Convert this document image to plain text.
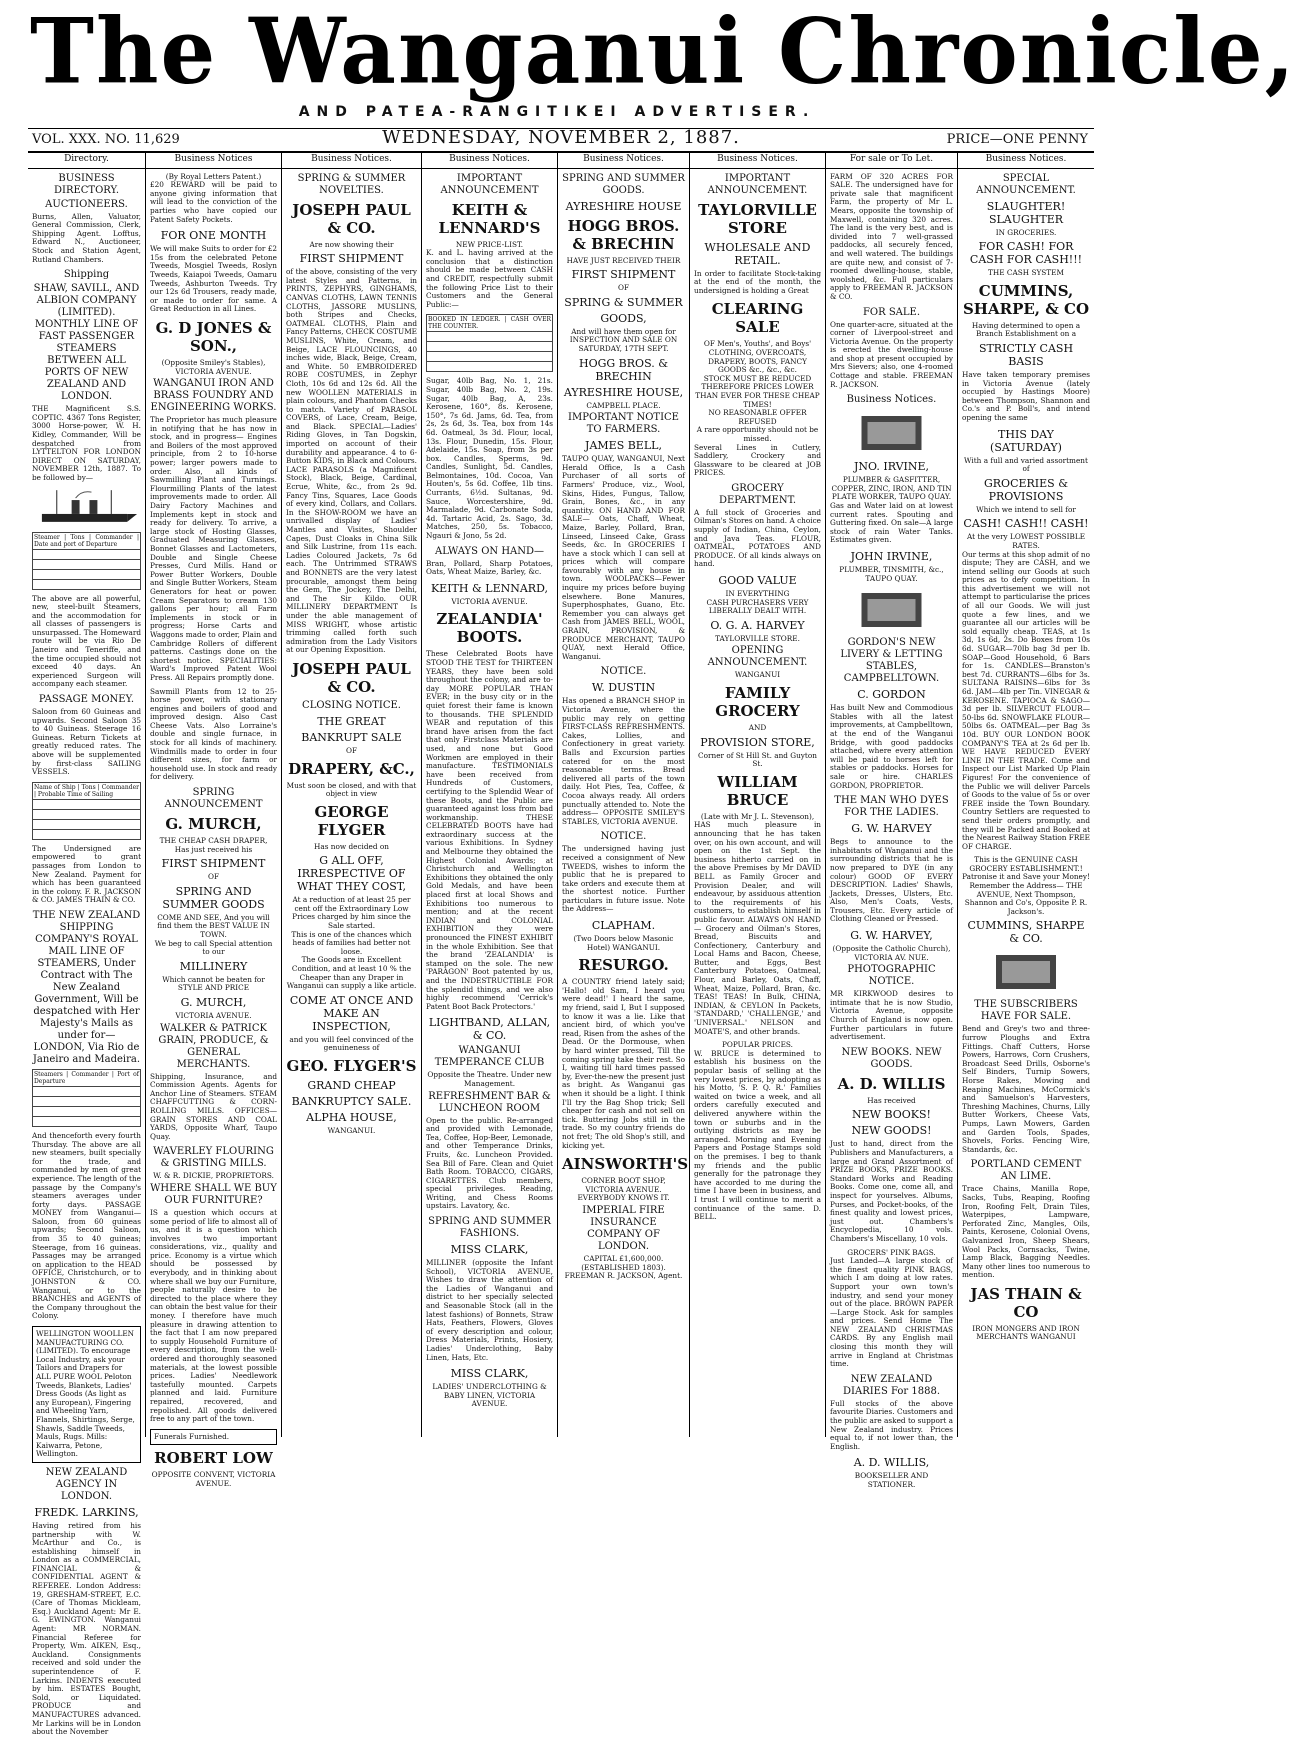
The Wanganui Chronicle,
AND PATEA-RANGITIKEI ADVERTISER.
VOL. XXX. NO. 11,629	WEDNESDAY, NOVEMBER 2, 1887.	PRICE—ONE PENNY
Directory.
BUSINESS DIRECTORY.
AUCTIONEERS.
Burns, Allen, Valuator, General Commission, Clerk, Shipping Agent. Lofftus, Edward N., Auctioneer, Stock and Station Agent, Rutland Chambers.
Shipping
SHAW, SAVILL, AND ALBION COMPANY (LIMITED). MONTHLY LINE OF FAST PASSENGER STEAMERS BETWEEN ALL PORTS OF NEW ZEALAND AND LONDON.
THE Magnificent S.S. COPTIC. 4367 Tons Register, 3000 Horse-power, W. H. Kidley, Commander, Will be despatched from LYTTELTON FOR LONDON DIRECT ON SATURDAY, NOVEMBER 12th, 1887. To be followed by—
Steamer | Tons | Commander | Date and port of Departure

The above are all powerful, new, steel-built Steamers, and the accommodation for all classes of passengers is unsurpassed. The Homeward route will be via Rio De Janeiro and Teneriffe, and the time occupied should not exceed 40 days. An experienced Surgeon will accompany each steamer.
PASSAGE MONEY.
Saloon from 60 Guineas and upwards. Second Saloon 35 to 40 Guineas. Steerage 16 Guineas. Return Tickets at greatly reduced rates. The above will be supplemented by first-class SAILING VESSELS.
Name of Ship | Tons | Commander | Probable Time of Sailing

The Undersigned are empowered to grant passages from London to New Zealand. Payment for which has been guaranteed in the colony. F. R. JACKSON & CO. JAMES THAIN & CO.
THE NEW ZEALAND SHIPPING COMPANY'S ROYAL MAIL LINE OF STEAMERS, Under Contract with The New Zealand Government, Will be despatched with Her Majesty's Mails as under for— LONDON, Via Rio de Janeiro and Madeira.
Steamers | Commander | Port of Departure

And thenceforth every fourth Thursday. The above are all new steamers, built specially for the trade, and commanded by men of great experience. The length of the passage by the Company's steamers averages under forty days. PASSAGE MONEY from Wanganui— Saloon, from 60 guineas upwards; Second Saloon, from 35 to 40 guineas; Steerage, from 16 guineas. Passages may be arranged on application to the HEAD OFFICE, Christchurch, or to JOHNSTON & CO. Wanganui, or to the BRANCHES and AGENTS of the Company throughout the Colony.
WELLINGTON WOOLLEN MANUFACTURING CO. (LIMITED). To encourage Local Industry, ask your Tailors and Drapers for ALL PURE WOOL Peloton Tweeds, Blankets, Ladies' Dress Goods (As light as any European), Fingering and Wheeling Yarn, Flannels, Shirtings, Serge, Shawls, Saddle Tweeds, Mauls, Rugs. Mills: Kaiwarra, Petone, Wellington.
NEW ZEALAND AGENCY IN LONDON.
FREDK. LARKINS,
Having retired from his partnership with W. McArthur and Co., is establishing himself in London as a COMMERCIAL, FINANCIAL & CONFIDENTIAL AGENT & REFEREE. London Address: 19, GRESHAM-STREET, E.C. (Care of Thomas Mickleam, Esq.) Auckland Agent: Mr E. G. EWINGTON. Wanganui Agent: MR NORMAN. Financial Referee for Property, Wm. AIKEN, Esq., Auckland. Consignments received and sold under the superintendence of F. Larkins. INDENTS executed by him. ESTATES Bought, Sold, or Liquidated. PRODUCE and MANUFACTURES advanced. Mr Larkins will be in London about the November
Business Notices
(By Royal Letters Patent.)
£20 REWARD will be paid to anyone giving information that will lead to the conviction of the parties who have copied our Patent Safety Pockets.
FOR ONE MONTH
We will make Suits to order for £2 15s from the celebrated Petone Tweeds, Mosgiel Tweeds, Roslyn Tweeds, Kaiapoi Tweeds, Oamaru Tweeds, Ashburton Tweeds. Try our 12s 6d Trousers, ready made, or made to order for same. A Great Reduction in all Lines.
G. D JONES & SON.,
(Opposite Smiley's Stables), VICTORIA AVENUE.
WANGANUI IRON AND BRASS FOUNDRY AND ENGINEERING WORKS.
The Proprietor has much pleasure in notifying that he has now in stock, and in progress— Engines and Boilers of the most approved principle, from 2 to 10-horse power; larger powers made to order. Also, all kinds of Sawmilling Plant and Turnings. Flourmilling Plants of the latest improvements made to order. All Dairy Factory Machines and Implements kept in stock and ready for delivery. To arrive, a large stock of Hosting Glasses, Graduated Measuring Glasses, Bonnet Glasses and Lactometers, Double and Single Cheese Presses, Curd Mills. Hand or Power Butter Workers, Double and Single Butter Workers, Steam Generators for heat or power. Cream Separators to cream 130 gallons per hour; all Farm Implements in stock or in progress; Horse Carts and Waggons made to order, Plain and Cambridge Rollers of different patterns. Castings done on the shortest notice. SPECIALITIES: Ward's Improved Patent Wool Press. All Repairs promptly done.
Sawmill Plants from 12 to 25-horse power, with stationary engines and boilers of good and improved design. Also Cast Cheese Vats. Also Lorraine's double and single furnace, in stock for all kinds of machinery. Windmills made to order in four different sizes, for farm or household use. In stock and ready for delivery.
SPRING ANNOUNCEMENT
G. MURCH,
THE CHEAP CASH DRAPER,
Has just received his
FIRST SHIPMENT
OF
SPRING AND SUMMER GOODS
COME AND SEE, And you will find them the BEST VALUE IN TOWN.
We beg to call Special attention to our
MILLINERY
Which cannot be beaten for STYLE AND PRICE
G. MURCH,
VICTORIA AVENUE.
WALKER & PATRICK GRAIN, PRODUCE, & GENERAL MERCHANTS.
Shipping, Insurance, and Commission Agents. Agents for Anchor Line of Steamers. STEAM CHAFFCUTTING & CORN-ROLLING MILLS. OFFICES—GRAIN STORES AND COAL YARDS, Opposite Wharf, Taupo Quay.
WAVERLEY FLOURING & GRISTING MILLS.
W. & R. DICKIE, PROPRIETORS.
WHERE SHALL WE BUY OUR FURNITURE?
IS a question which occurs at some period of life to almost all of us, and it is a question which involves two important considerations, viz., quality and price. Economy is a virtue which should be possessed by everybody, and in thinking about where shall we buy our Furniture, people naturally desire to be directed to the place where they can obtain the best value for their money. I therefore have much pleasure in drawing attention to the fact that I am now prepared to supply Household Furniture of every description, from the well-ordered and thoroughly seasoned materials, at the lowest possible prices. Ladies' Needlework tastefully mounted. Carpets planned and laid. Furniture repaired, recovered, and repolished. All goods delivered free to any part of the town.
Funerals Furnished.
ROBERT LOW
OPPOSITE CONVENT, VICTORIA AVENUE.
Business Notices.
SPRING & SUMMER NOVELTIES.
JOSEPH PAUL & CO.
Are now showing their
FIRST SHIPMENT
of the above, consisting of the very latest Styles and Patterns, in PRINTS, ZEPHYRS, GINGHAMS, CANVAS CLOTHS, LAWN TENNIS CLOTHS, JASSORE MUSLINS, both Stripes and Checks, OATMEAL CLOTHS, Plain and Fancy Patterns, CHECK COSTUME MUSLINS, White, Cream, and Beige, LACE FLOUNCINGS, 40 inches wide, Black, Beige, Cream, and White. 50 EMBROIDERED ROBE COSTUMES, in Zephyr Cloth, 10s 6d and 12s 6d. All the new WOOLLEN MATERIALS in plain colours, and Phantom Checks to match. Variety of PARASOL COVERS, of Lace, Cream, Beige, and Black. SPECIAL—Ladies' Riding Gloves, in Tan Dogskin, imported on account of their durability and appearance. 4 to 6-Button KIDS, in Black and Colours. LACE PARASOLS (a Magnificent Stock), Black, Beige, Cardinal, Ecrue, White, &c., from 2s 9d. Fancy Tins, Squares, Lace Goods of every kind, Collars, and Collars. In the SHOW-ROOM we have an unrivalled display of Ladies' Mantles and Visites, Shoulder Capes, Dust Cloaks in China Silk and Silk Lustrine, from 11s each. Ladies Coloured Jackets, 7s 6d each. The Untrimmed STRAWS and BONNETS are the very latest procurable, amongst them being the Gem, The Jockey, The Delhi, and The Sir Kildo. OUR MILLINERY DEPARTMENT Is under the able management of MISS WRIGHT, whose artistic trimming called forth such admiration from the Lady Visitors at our Opening Exposition.
JOSEPH PAUL & CO.
CLOSING NOTICE.
THE GREAT
BANKRUPT SALE
OF
DRAPERY, &C.,
Must soon be closed, and with that object in view
GEORGE FLYGER
Has now decided on
G ALL OFF, IRRESPECTIVE OF WHAT THEY COST,
At a reduction of at least 25 per cent off the Extraordinary Low Prices charged by him since the Sale started.
This is one of the chances which heads of families had better not loose.
The Goods are in Excellent Condition, and at least 10 % the Cheaper than any Draper in Wanganui can supply a like article.
COME AT ONCE AND MAKE AN INSPECTION,
and you will feel convinced of the genuineness of
GEO. FLYGER'S
GRAND CHEAP
BANKRUPTCY SALE.
ALPHA HOUSE,
WANGANUI.
Business Notices.
IMPORTANT ANNOUNCEMENT
KEITH & LENNARD'S
NEW PRICE-LIST.
K. and L. having arrived at the conclusion that a distinction should be made between CASH and CREDIT, respectfully submit the following Price List to their Customers and the General Public:—
BOOKED IN LEDGER. | CASH OVER THE COUNTER.

Sugar, 40lb Bag, No. 1, 21s. Sugar, 40lb Bag, No. 2, 19s. Sugar, 40lb Bag, A, 23s. Kerosene, 160°, 8s. Kerosene, 150°, 7s 6d. Jams, 6d. Tea, from 2s, 2s 6d, 3s. Tea, box from 14s 6d. Oatmeal, 3s 3d. Flour, local, 13s. Flour, Dunedin, 15s. Flour, Adelaide, 15s. Soap, from 3s per box. Candles, Sperms, 9d. Candles, Sunlight, 5d. Candles, Belmontaines, 10d. Cocoa, Van Houten's, 5s 6d. Coffee, 1lb tins. Currants, 6½d. Sultanas, 9d. Sauce, Worcestershire, 9d. Marmalade, 9d. Carbonate Soda, 4d. Tartaric Acid, 2s. Sago, 3d. Matches, 250, 5s. Tobacco, Ngauri & Jono, 5s 2d.
ALWAYS ON HAND—
Bran, Pollard, Sharp Potatoes, Oats, Wheat Maize, Barley, &c.
KEITH & LENNARD,
VICTORIA AVENUE.
ZEALANDIA' BOOTS.
These Celebrated Boots have STOOD THE TEST for THIRTEEN YEARS, they have been sold throughout the colony, and are to-day MORE POPULAR THAN EVER; in the busy city or in the quiet forest their fame is known to thousands. THE SPLENDID WEAR and reputation of this brand have arisen from the fact that only Firstclass Materials are used, and none but Good Workmen are employed in their manufacture. TESTIMONIALS have been received from Hundreds of Customers, certifying to the Splendid Wear of these Boots, and the Public are guaranteed against loss from bad workmanship. THESE CELEBRATED BOOTS have had extraordinary success at the various Exhibitions. In Sydney and Melbourne they obtained the Highest Colonial Awards; at Christchurch and Wellington Exhibitions they obtained the only Gold Medals, and have been placed first at local Shows and Exhibitions too numerous to mention; and at the recent INDIAN and COLONIAL EXHIBITION they were pronounced the FINEST EXHIBIT in the whole Exhibition. See that the brand 'ZEALANDIA' is stamped on the sole. The new 'PARAGON' Boot patented by us, and the INDESTRUCTIBLE FOR the splendid things, and we also highly recommend 'Cerrick's Patent Boot Back Protectors.'
LIGHTBAND, ALLAN, & CO.
WANGANUI TEMPERANCE CLUB
Opposite the Theatre. Under new Management.
REFRESHMENT BAR & LUNCHEON ROOM
Open to the public. Re-arranged and provided with Lemonade, Tea, Coffee, Hop-Beer, Lemonade, and other Temperance Drinks, Fruits, &c. Luncheon Provided. Sea Bill of Fare. Clean and Quiet Bath Room. TOBACCO, CIGARS, CIGARETTES. Club members, special privileges. Reading, Writing, and Chess Rooms upstairs. Lavatory, &c.
SPRING AND SUMMER FASHIONS.
MISS CLARK,
MILLINER (opposite the Infant School), VICTORIA AVENUE, Wishes to draw the attention of the Ladies of Wanganui and district to her specially selected and Seasonable Stock (all in the latest fashions) of Bonnets, Straw Hats, Feathers, Flowers, Gloves of every description and colour, Dress Materials, Prints, Hosiery, Ladies' Underclothing, Baby Linen, Hats, Etc.
MISS CLARK,
LADIES' UNDERCLOTHING & BABY LINEN, VICTORIA AVENUE.
Business Notices.
SPRING AND SUMMER GOODS.
AYRESHIRE HOUSE
HOGG BROS. & BRECHIN
HAVE JUST RECEIVED THEIR
FIRST SHIPMENT
OF
SPRING & SUMMER
GOODS,
And will have them open for INSPECTION AND SALE ON SATURDAY, 17TH SEPT.
HOGG BROS. & BRECHIN
AYRESHIRE HOUSE,
CAMPBELL PLACE.
IMPORTANT NOTICE TO FARMERS.
JAMES BELL,
TAUPO QUAY, WANGANUI, Next Herald Office, Is a Cash Purchaser of all sorts of Farmers' Produce, viz., Wool, Skins, Hides, Fungus, Tallow, Grain, Bones, &c., in any quantity. ON HAND AND FOR SALE— Oats, Chaff, Wheat, Maize, Barley, Pollard, Bran, Linseed, Linseed Cake, Grass Seeds, &c. In GROCERIES I have a stock which I can sell at prices which will compare favourably with any house in town. WOOLPACKS—Fewer inquire my prices before buying elsewhere. Bone Manures, Superphosphates, Guano, Etc. Remember you can always get Cash from JAMES BELL, WOOL, GRAIN, PROVISION, & PRODUCE MERCHANT, TAUPO QUAY, next Herald Office, Wanganui.
NOTICE.
W. DUSTIN
Has opened a BRANCH SHOP in Victoria Avenue, where the public may rely on getting FIRST-CLASS REFRESHMENTS. Cakes, Lollies, and Confectionery in great variety. Balls and Excursion parties catered for on the most reasonable terms. Bread delivered all parts of the town daily. Hot Pies, Tea, Coffee, & Cocoa always ready. All orders punctually attended to. Note the address— OPPOSITE SMILEY'S STABLES, VICTORIA AVENUE.
NOTICE.
The undersigned having just received a consignment of New TWEEDS, wishes to inform the public that he is prepared to take orders and execute them at the shortest notice. Further particulars in future issue. Note the Address—
CLAPHAM.
(Two Doors below Masonic Hotel) WANGANUI.
RESURGO.
A COUNTRY friend lately said; 'Hallo! old Sam, I heard you were dead!' I heard the same, my friend, said I, But I supposed to know it was a lie. Like that ancient bird, of which you've read, Risen from the ashes of the Dead. Or the Dormouse, when by hard winter pressed, Till the coming spring take their rest. So I, waiting till hard times passed by, Ever-the-new the present just as bright. As Wanganui gas when it should be a light. I think I'll try the Bag Shop trick; Sell cheaper for cash and not sell on tick. Buttering Jobs still in the trade. So my country friends do not fret; The old Shop's still, and kicking yet.
AINSWORTH'S
CORNER BOOT SHOP, VICTORIA AVENUE.
EVERYBODY KNOWS IT.
IMPERIAL FIRE INSURANCE COMPANY OF LONDON.
CAPITAL £1,600,000. (ESTABLISHED 1803).
FREEMAN R. JACKSON, Agent.
Business Notices.
IMPORTANT ANNOUNCEMENT.
TAYLORVILLE STORE
WHOLESALE AND RETAIL.
In order to facilitate Stock-taking at the end of the month, the undersigned is holding a Great
CLEARING SALE
OF Men's, Youths', and Boys' CLOTHING, OVERCOATS, DRAPERY, BOOTS, FANCY GOODS &c., &c., &c.
STOCK MUST BE REDUCED THEREFORE PRICES LOWER THAN EVER FOR THESE CHEAP TIMES!
NO REASONABLE OFFER REFUSED
A rare opportunity should not be missed.
Several Lines in Cutlery, Saddlery, Crockery and Glassware to be cleared at JOB PRICES.
GROCERY DEPARTMENT.
A full stock of Groceries and Oilman's Stores on hand. A choice supply of Indian, China, Ceylon, and Java Teas. FLOUR, OATMEAL, POTATOES AND PRODUCE. Of all kinds always on hand.
GOOD VALUE
IN EVERYTHING
CASH PURCHASERS VERY LIBERALLY DEALT WITH.
O. G. A. HARVEY
TAYLORVILLE STORE.
OPENING ANNOUNCEMENT.
WANGANUI
FAMILY GROCERY
AND
PROVISION STORE,
Corner of St Hill St. and Guyton St.
WILLIAM BRUCE
(Late with Mr J. L. Stevenson),
HAS much pleasure in announcing that he has taken over, on his own account, and will open on the 1st Sept. the business hitherto carried on in the above Premises by Mr DAVID BELL as Family Grocer and Provision Dealer, and will endeavour, by assiduous attention to the requirements of his customers, to establish himself in public favour. ALWAYS ON HAND— Grocery and Oilman's Stores, Bread, Biscuits and Confectionery, Canterbury and Local Hams and Bacon, Cheese, Butter, and Eggs, Best Canterbury Potatoes, Oatmeal, Flour, and Barley, Oats, Chaff, Wheat, Maize, Pollard, Bran, &c. TEAS! TEAS! In Bulk, CHINA, INDIAN, & CEYLON In Packets, 'STANDARD,' 'CHALLENGE,' and 'UNIVERSAL.' NELSON and MOATE'S, and other brands.
POPULAR PRICES.
W. BRUCE is determined to establish his business on the popular basis of selling at the very lowest prices, by adopting as his Motto, 'S. P. Q. R.' Families waited on twice a week, and all orders carefully executed and delivered anywhere within the town or suburbs and in the outlying districts as may be arranged. Morning and Evening Papers and Postage Stamps sold on the premises. I beg to thank my friends and the public generally for the patronage they have accorded to me during the time I have been in business, and I trust I will continue to merit a continuance of the same. D. BELL.
For sale or To Let.
FARM OF 320 ACRES FOR SALE. The undersigned have for private sale that magnificent Farm, the property of Mr L. Mears, opposite the township of Maxwell, containing 320 acres. The land is the very best, and is divided into 7 well-grassed paddocks, all securely fenced, and well watered. The buildings are quite new, and consist of 7-roomed dwelling-house, stable, woolshed, &c. Full particulars apply to FREEMAN R. JACKSON & CO.
FOR SALE.
One quarter-acre, situated at the corner of Liverpool-street and Victoria Avenue. On the property is erected the dwelling-house and shop at present occupied by Mrs Sievers; also, one 4-roomed Cottage and stable. FREEMAN R. JACKSON.
Business Notices.
JNO. IRVINE,
PLUMBER & GASFITTER, COPPER, ZINC, IRON, AND TIN PLATE WORKER, TAUPO QUAY.
Gas and Water laid on at lowest current rates. Spouting and Guttering fixed. On sale—A large stock of rain Water Tanks. Estimates given.
JOHN IRVINE,
PLUMBER, TINSMITH, &c., TAUPO QUAY.
GORDON'S NEW LIVERY & LETTING STABLES, CAMPBELLTOWN.
C. GORDON
Has built New and Commodious Stables with all the latest improvements, at Campbelltown, at the end of the Wanganui Bridge, with good paddocks attached, where every attention will be paid to horses left for stables or paddocks. Horses for sale or hire. CHARLES GORDON, PROPRIETOR.
THE MAN WHO DYES FOR THE LADIES.
G. W. HARVEY
Begs to announce to the inhabitants of Wanganui and the surrounding districts that he is now prepared to DYE (in any colour) GOOD OF EVERY DESCRIPTION. Ladies' Shawls, Jackets, Dresses, Ulsters, Etc. Also, Men's Coats, Vests, Trousers, Etc. Every article of Clothing Cleaned or Pressed.
G. W. HARVEY,
(Opposite the Catholic Church), VICTORIA AV. NUE.
PHOTOGRAPHIC NOTICE.
MR KIRKWOOD desires to intimate that he is now Studio, Victoria Avenue, opposite Church of England is now open. Further particulars in future advertisement.
NEW BOOKS. NEW GOODS.
A. D. WILLIS
Has received
NEW BOOKS!
NEW GOODS!
Just to hand, direct from the Publishers and Manufacturers, a large and Grand Assortment of PRIZE BOOKS, PRIZE BOOKS. Standard Works and Reading Books. Come one, come all, and inspect for yourselves. Albums, Purses, and Pocket-books, of the finest quality and lowest prices, just out. Chambers's Encyclopedia, 10 vols. Chambers's Miscellany, 10 vols.
GROCERS' PINK BAGS.
Just Landed—A large stock of the finest quality PINK BAGS, which I am doing at low rates. Support your own town's industry, and send your money out of the place. BROWN PAPER—Large Stock. Ask for samples and prices. Send Home The NEW ZEALAND CHRISTMAS CARDS. By any English mail closing this month they will arrive in England at Christmas time.
NEW ZEALAND DIARIES For 1888.
Full stocks of the above favourite Diaries. Customers and the public are asked to support a New Zealand industry. Prices equal to, if not lower than, the English.
A. D. WILLIS,
BOOKSELLER AND STATIONER.
Business Notices.
SPECIAL ANNOUNCEMENT.
SLAUGHTER! SLAUGHTER
IN GROCERIES.
FOR CASH! FOR CASH FOR CASH!!!
THE CASH SYSTEM
CUMMINS, SHARPE, & CO
Having determined to open a Branch Establishment on a
STRICTLY CASH BASIS
Have taken temporary premises in Victoria Avenue (lately occupied by Hastings Moore) between Thompson, Shannon and Co.'s and P. Boll's, and intend opening the same
THIS DAY (SATURDAY)
With a full and varied assortment of
GROCERIES & PROVISIONS
Which we intend to sell for
CASH! CASH!! CASH!
At the very LOWEST POSSIBLE RATES.
Our terms at this shop admit of no dispute; They are CASH, and we intend selling our Goods at such prices as to defy competition. In this advertisement we will not attempt to particularise the prices of all our Goods. We will just quote a few lines, and we guarantee all our articles will be sold equally cheap. TEAS, at 1s 3d, 1s 6d, 2s. Do Boxes from 10s 6d. SUGAR—70lb bag 3d per lb. SOAP—Good Household, 6 Bars for 1s. CANDLES—Branston's best 7d. CURRANTS—6lbs for 3s. SULTANA RAISINS—6lbs for 3s 6d. JAM—4lb per Tin. VINEGAR & KEROSENE. TAPIOCA & SAGO—3d per lb. SILVERCUT FLOUR—50-lbs 6d. SNOWFLAKE FLOUR—50lbs 6s. OATMEAL—per Bag 3s 10d. BUY OUR LONDON BOOK COMPANY'S TEA at 2s 6d per lb. WE HAVE REDUCED EVERY LINE IN THE TRADE. Come and Inspect our List Marked Up Plain Figures! For the convenience of the Public we will deliver Parcels of Goods to the value of 5s or over FREE inside the Town Boundary. Country Settlers are requested to send their orders promptly, and they will be Packed and Booked at the Nearest Railway Station FREE OF CHARGE.
This is the GENUINE CASH GROCERY ESTABLISHMENT.!
Patronise it and Save your Money!
Remember the Address— THE AVENUE, Next Thompson, Shannon and Co's, Opposite P. R. Jackson's.
CUMMINS, SHARPE & CO.
THE SUBSCRIBERS HAVE FOR SALE.
Bend and Grey's two and three-furrow Ploughs and Extra Fittings. Chaff Cutters, Horse Powers, Harrows, Corn Crushers, Broadcast Seed Drills, Osborne's Self Binders, Turnip Sowers, Horse Rakes, Mowing and Reaping Machines, McCormick's and Samuelson's Harvesters, Threshing Machines, Churns, Lilly Butter Workers, Cheese Vats, Pumps, Lawn Mowers, Garden and Garden Tools, Spades, Shovels, Forks. Fencing Wire, Standards, &c.
PORTLAND CEMENT AN LIME.
Trace Chains, Manilla Rope, Sacks, Tubs, Reaping, Roofing Iron, Roofing Felt, Drain Tiles, Waterpipes, Lampware, Perforated Zinc, Mangles, Oils, Paints, Kerosene, Colonial Ovens, Galvanized Iron, Sheep Shears, Wool Packs, Cornsacks, Twine, Lamp Black, Bagging Needles. Many other lines too numerous to mention.
JAS THAIN & CO
IRON MONGERS AND IRON MERCHANTS WANGANUI
